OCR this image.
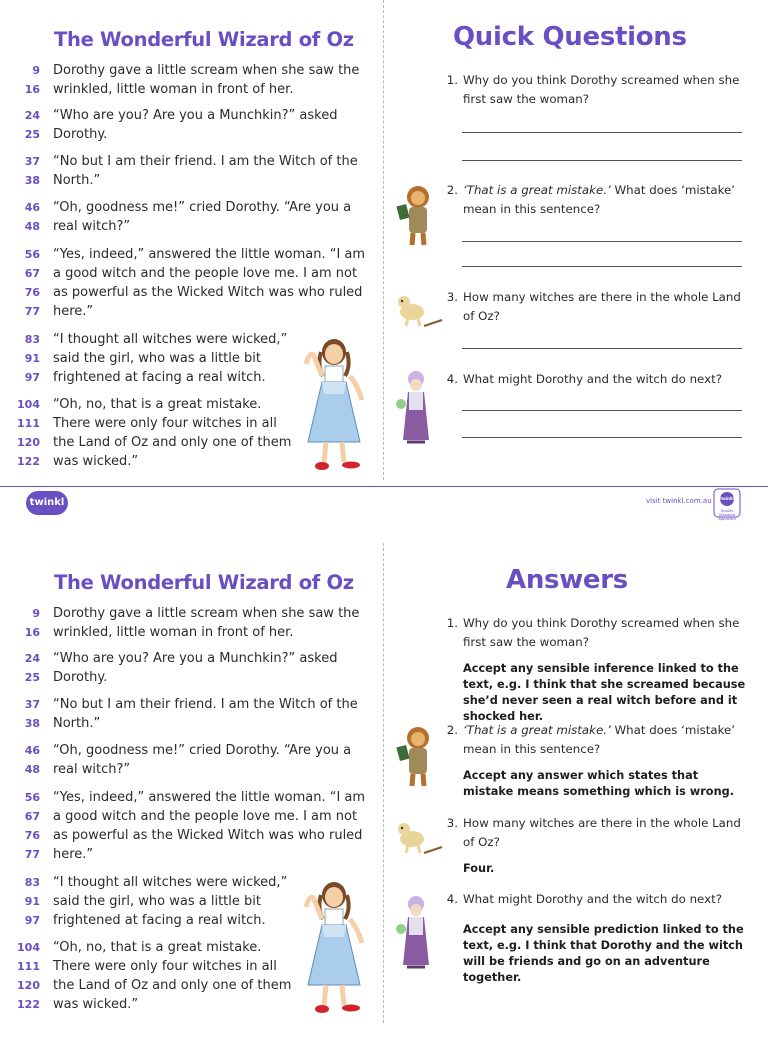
The Wonderful Wizard of Oz
9 Dorothy gave a little scream when she saw the
16 wrinkled, little woman in front of her.
24 “Who are you? Are you a Munchkin?” asked
25 Dorothy.
37 “No but I am their friend. I am the Witch of the
38 North.”
46 “Oh, goodness me!” cried Dorothy. “Are you a
48 real witch?”
56 “Yes, indeed,” answered the little woman. “I am
67 a good witch and the people love me. I am not
76 as powerful as the Wicked Witch was who ruled
77 here.”
83 “I thought all witches were wicked,”
91 said the girl, who was a little bit
97 frightened at facing a real witch.
104 “Oh, no, that is a great mistake.
111 There were only four witches in all
120 the Land of Oz and only one of them
122 was wicked.”
Quick Questions
1. Why do you think Dorothy screamed when she first saw the woman?
2. ‘That is a great mistake.’ What does ‘mistake’ mean in this sentence?
3. How many witches are there in the whole Land of Oz?
4. What might Dorothy and the witch do next?
twinkl	visit twinkl.com.au	twinkl
Quality Standard Approved
The Wonderful Wizard of Oz
9 Dorothy gave a little scream when she saw the
16 wrinkled, little woman in front of her.
24 “Who are you? Are you a Munchkin?” asked
25 Dorothy.
37 “No but I am their friend. I am the Witch of the
38 North.”
46 “Oh, goodness me!” cried Dorothy. “Are you a
48 real witch?”
56 “Yes, indeed,” answered the little woman. “I am
67 a good witch and the people love me. I am not
76 as powerful as the Wicked Witch was who ruled
77 here.”
83 “I thought all witches were wicked,”
91 said the girl, who was a little bit
97 frightened at facing a real witch.
104 “Oh, no, that is a great mistake.
111 There were only four witches in all
120 the Land of Oz and only one of them
122 was wicked.”
Answers
1. Why do you think Dorothy screamed when she first saw the woman?
Accept any sensible inference linked to the text, e.g. I think that she screamed because she’d never seen a real witch before and it shocked her.
2. ‘That is a great mistake.’ What does ‘mistake’ mean in this sentence?
Accept any answer which states that mistake means something which is wrong.
3. How many witches are there in the whole Land of Oz?
Four.
4. What might Dorothy and the witch do next?
Accept any sensible prediction linked to the text, e.g. I think that Dorothy and the witch will be friends and go on an adventure together.
